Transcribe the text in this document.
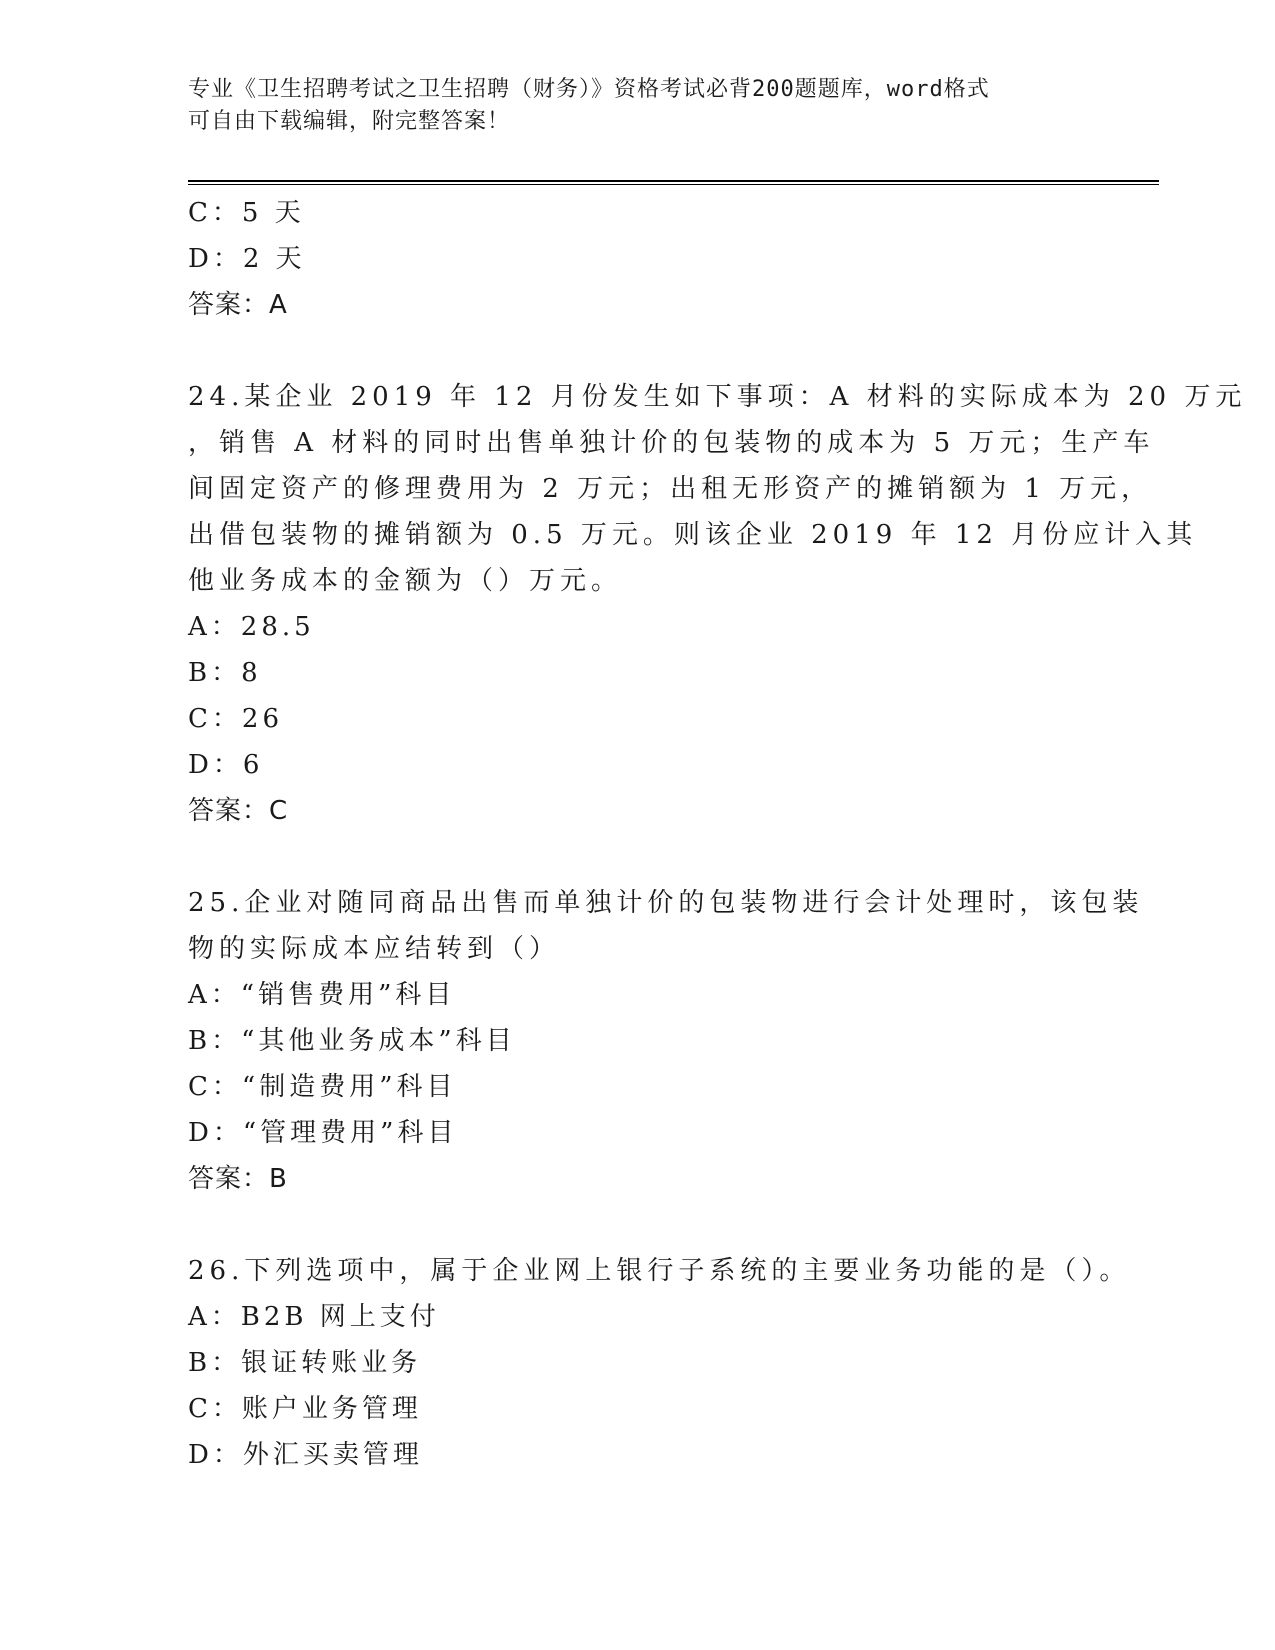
专业《卫生招聘考试之卫生招聘（财务）》资格考试必背200题题库，word格式
可自由下载编辑，附完整答案！
C：5 天
D：2 天
答案：A
24.某企业 2019 年 12 月份发生如下事项：A 材料的实际成本为 20 万元
，销售 A 材料的同时出售单独计价的包装物的成本为 5 万元；生产车
间固定资产的修理费用为 2 万元；出租无形资产的摊销额为 1 万元，
出借包装物的摊销额为 0.5 万元。则该企业 2019 年 12 月份应计入其
他业务成本的金额为（）万元。
A：28.5
B：8
C：26
D：6
答案：C
25.企业对随同商品出售而单独计价的包装物进行会计处理时，该包装
物的实际成本应结转到（）
A：“销售费用”科目
B：“其他业务成本”科目
C：“制造费用”科目
D：“管理费用”科目
答案：B
26.下列选项中，属于企业网上银行子系统的主要业务功能的是（）。
A：B2B 网上支付
B：银证转账业务
C：账户业务管理
D：外汇买卖管理
